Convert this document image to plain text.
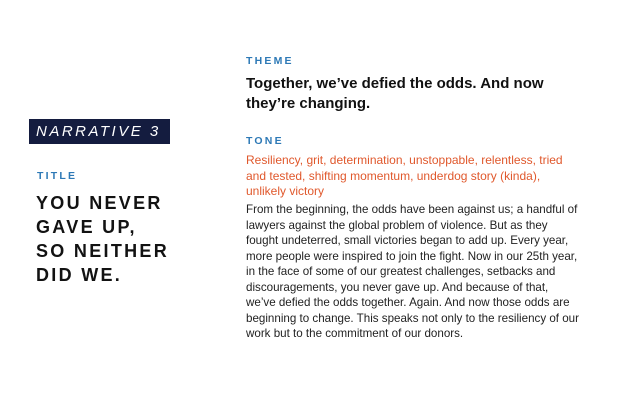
NARRATIVE 3
TITLE

YOU NEVER
GAVE UP,
SO NEITHER
DID WE.

THEME

Together, we’ve defied the odds. And now they’re changing.

TONE

Resiliency, grit, determination, unstoppable, relentless, tried and tested, shifting momentum, underdog story (kinda), unlikely victory

From the beginning, the odds have been against us; a handful of lawyers against the global problem of violence. But as they fought undeterred, small victories began to add up. Every year, more people were inspired to join the fight. Now in our 25th year, in the face of some of our greatest challenges, setbacks and discouragements, you never gave up. And because of that, we’ve defied the odds together. Again. And now those odds are beginning to change. This speaks not only to the resiliency of our work but to the commitment of our donors.
